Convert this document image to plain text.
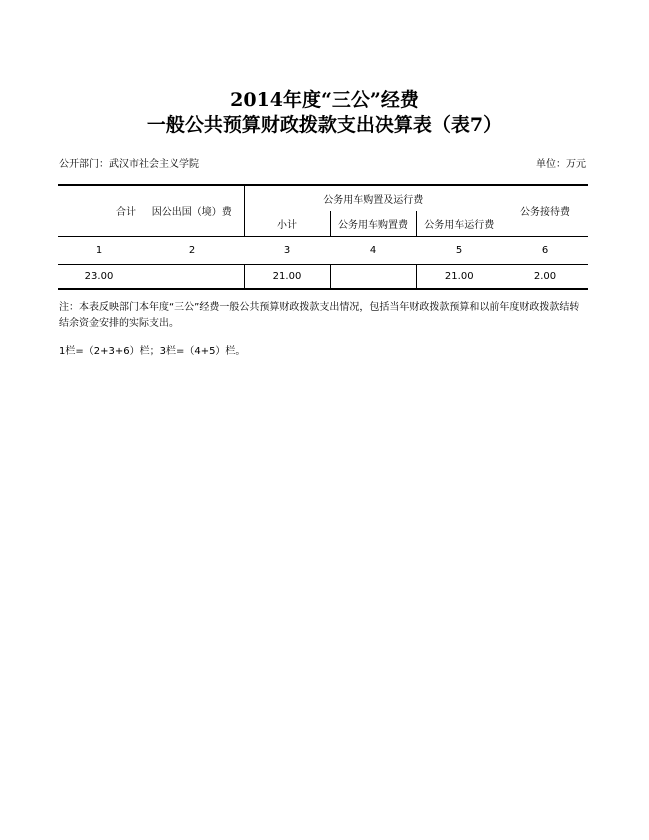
2014年度“三公”经费
一般公共预算财政拨款支出决算表（表7）
公开部门：武汉市社会主义学院	单位：万元
合计	因公出国（境）费	公务用车购置及运行费			公务接待费
		小计	公务用车购置费	公务用车运行费	
1	2	3	4	5	6
23.00		21.00		21.00	2.00
注：本表反映部门本年度“三公”经费一般公共预算财政拨款支出情况，包括当年财政拨款预算和以前年度财政拨款结转结余资金安排的实际支出。
1栏=（2+3+6）栏；3栏=（4+5）栏。
